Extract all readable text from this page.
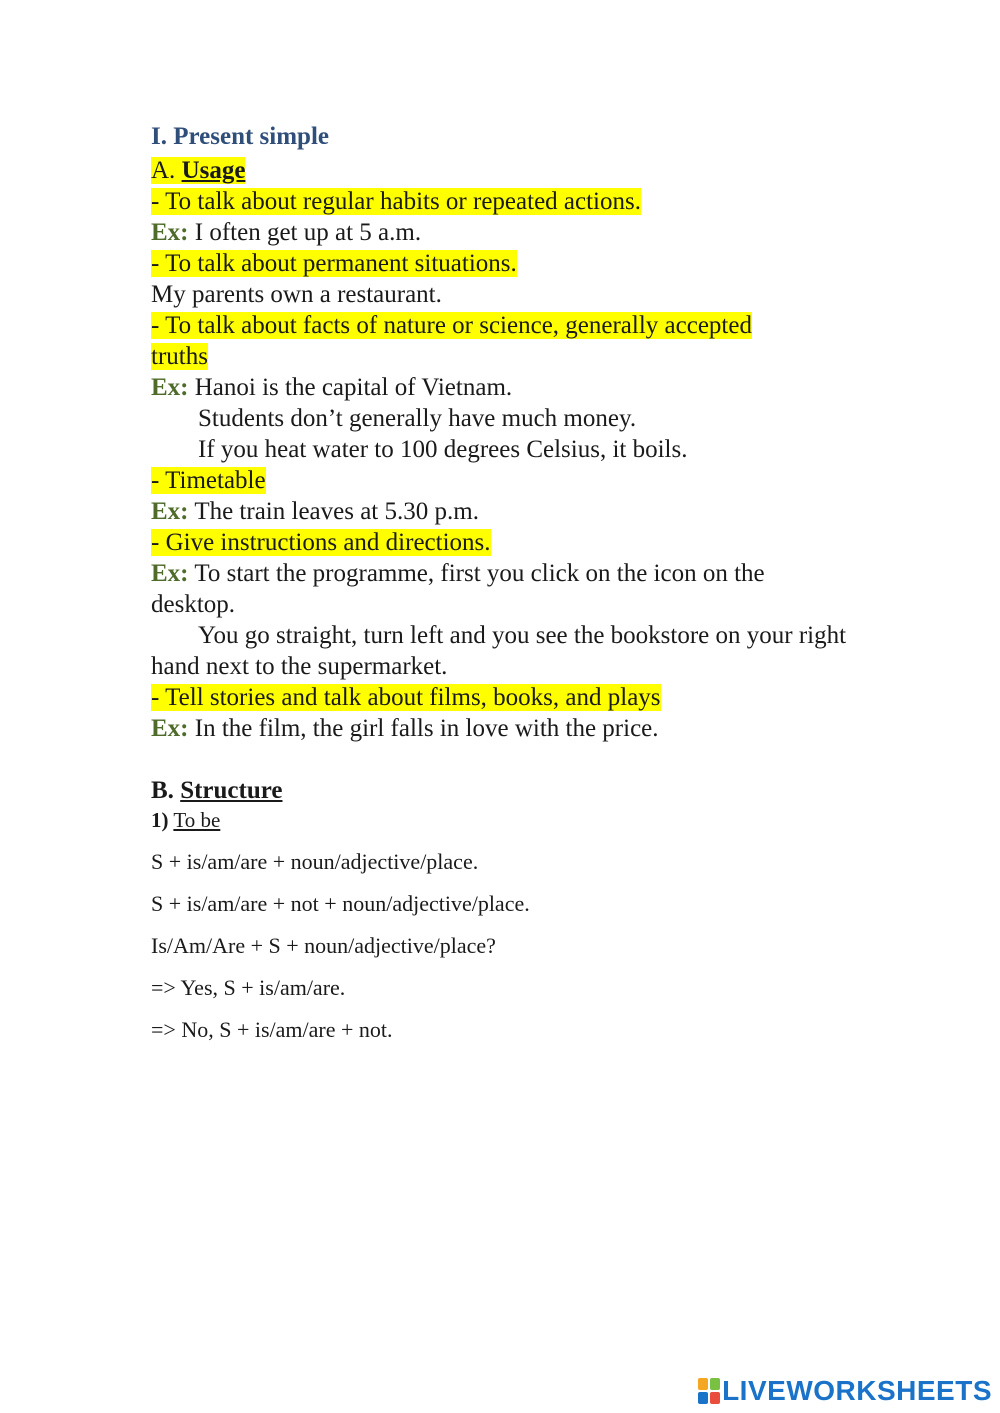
I. Present simple
A. Usage
- To talk about regular habits or repeated actions.
Ex: I often get up at 5 a.m.
- To talk about permanent situations.
My parents own a restaurant.
- To talk about facts of nature or science, generally accepted truths
Ex: Hanoi is the capital of Vietnam.
Students don’t generally have much money.
If you heat water to 100 degrees Celsius, it boils.
- Timetable
Ex: The train leaves at 5.30 p.m.
- Give instructions and directions.
Ex: To start the programme, first you click on the icon on the desktop.
You go straight, turn left and you see the bookstore on your right hand next to the supermarket.
- Tell stories and talk about films, books, and plays
Ex: In the film, the girl falls in love with the price.
B. Structure
1) To be
S + is/am/are + noun/adjective/place.
S + is/am/are + not + noun/adjective/place.
Is/Am/Are + S + noun/adjective/place?
=> Yes, S + is/am/are.
=> No, S + is/am/are + not.
LIVEWORKSHEETS
